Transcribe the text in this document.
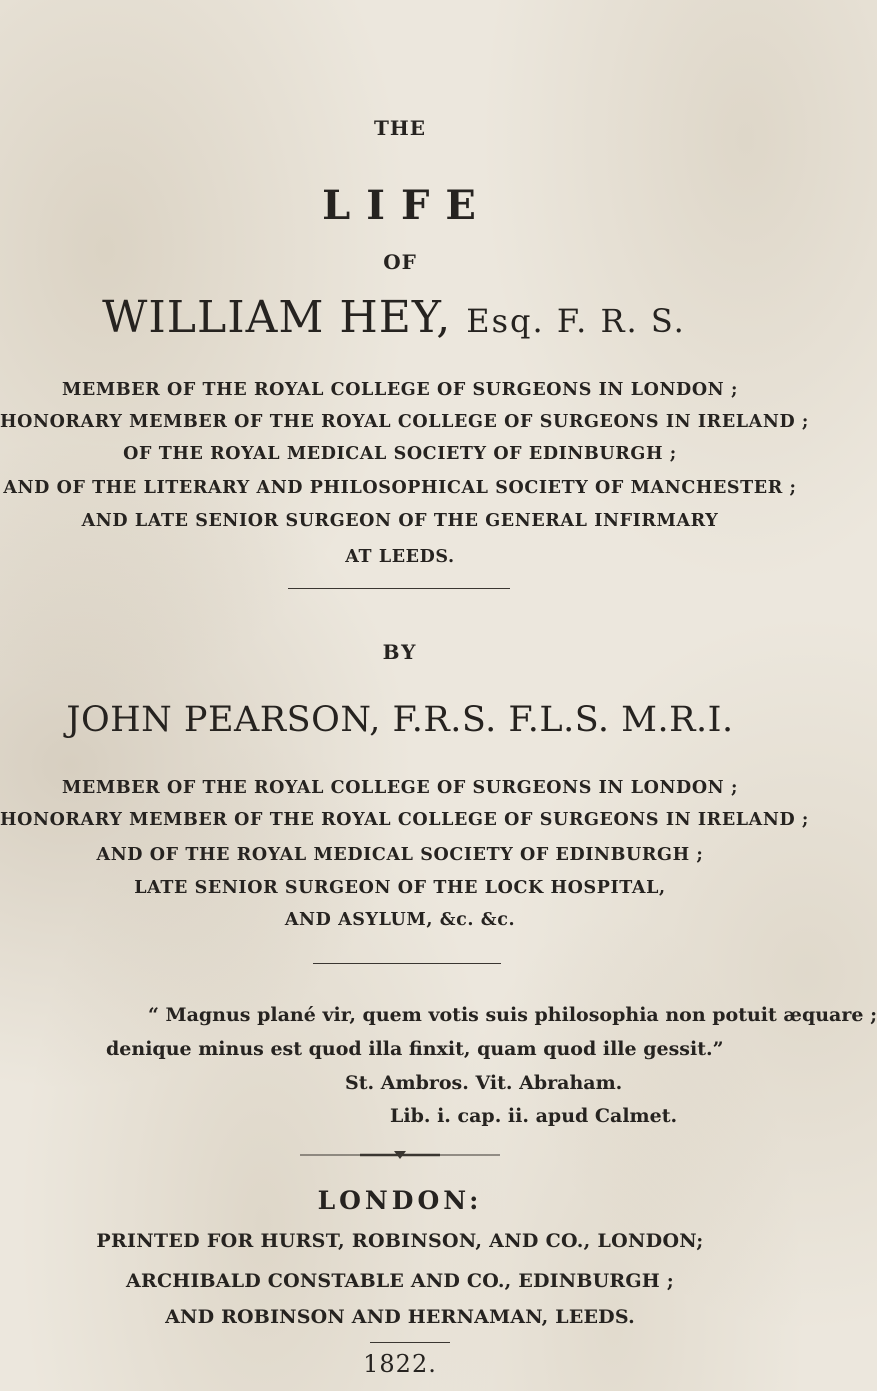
THE
LIFE
OF
WILLIAM HEY, Esq. F. R. S.
MEMBER OF THE ROYAL COLLEGE OF SURGEONS IN LONDON ;
HONORARY MEMBER OF THE ROYAL COLLEGE OF SURGEONS IN IRELAND ;
OF THE ROYAL MEDICAL SOCIETY OF EDINBURGH ;
AND OF THE LITERARY AND PHILOSOPHICAL SOCIETY OF MANCHESTER ;
AND LATE SENIOR SURGEON OF THE GENERAL INFIRMARY
AT LEEDS.
BY
JOHN PEARSON, F.R.S. F.L.S. M.R.I.
MEMBER OF THE ROYAL COLLEGE OF SURGEONS IN LONDON ;
HONORARY MEMBER OF THE ROYAL COLLEGE OF SURGEONS IN IRELAND ;
AND OF THE ROYAL MEDICAL SOCIETY OF EDINBURGH ;
LATE SENIOR SURGEON OF THE LOCK HOSPITAL,
AND ASYLUM, &c. &c.
“ Magnus plané vir, quem votis suis philosophia non potuit æquare ;
denique minus est quod illa finxit, quam quod ille gessit.”
St. Ambros. Vit. Abraham.
Lib. i. cap. ii. apud Calmet.
LONDON:
PRINTED FOR HURST, ROBINSON, AND CO., LONDON;
ARCHIBALD CONSTABLE AND CO., EDINBURGH ;
AND ROBINSON AND HERNAMAN, LEEDS.
1822.
